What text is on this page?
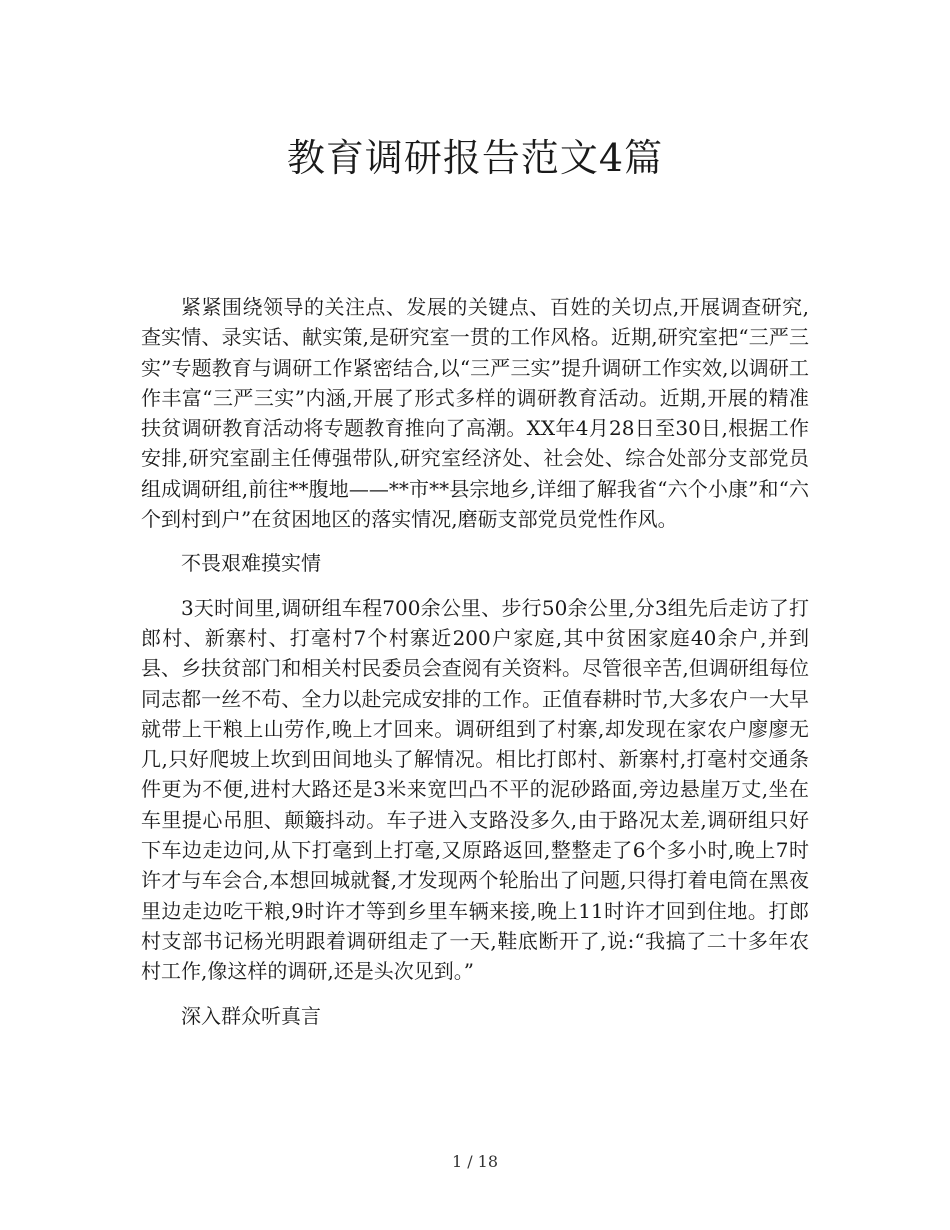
教育调研报告范文4篇

紧紧围绕领导的关注点、发展的关键点、百姓的关切点,开展调查研究,查实情、录实话、献实策,是研究室一贯的工作风格。近期,研究室把“三严三实”专题教育与调研工作紧密结合,以“三严三实”提升调研工作实效,以调研工作丰富“三严三实”内涵,开展了形式多样的调研教育活动。近期,开展的精准扶贫调研教育活动将专题教育推向了高潮。XX年4月28日至30日,根据工作安排,研究室副主任傅强带队,研究室经济处、社会处、综合处部分支部党员组成调研组,前往**腹地——**市**县宗地乡,详细了解我省“六个小康”和“六个到村到户”在贫困地区的落实情况,磨砺支部党员党性作风。

不畏艰难摸实情

3天时间里,调研组车程700余公里、步行50余公里,分3组先后走访了打郎村、新寨村、打毫村7个村寨近200户家庭,其中贫困家庭40余户,并到县、乡扶贫部门和相关村民委员会查阅有关资料。尽管很辛苦,但调研组每位同志都一丝不苟、全力以赴完成安排的工作。正值春耕时节,大多农户一大早就带上干粮上山劳作,晚上才回来。调研组到了村寨,却发现在家农户廖廖无几,只好爬坡上坎到田间地头了解情况。相比打郎村、新寨村,打毫村交通条件更为不便,进村大路还是3米来宽凹凸不平的泥砂路面,旁边悬崖万丈,坐在车里提心吊胆、颠簸抖动。车子进入支路没多久,由于路况太差,调研组只好下车边走边问,从下打毫到上打毫,又原路返回,整整走了6个多小时,晚上7时许才与车会合,本想回城就餐,才发现两个轮胎出了问题,只得打着电筒在黑夜里边走边吃干粮,9时许才等到乡里车辆来接,晚上11时许才回到住地。打郎村支部书记杨光明跟着调研组走了一天,鞋底断开了,说:“我搞了二十多年农村工作,像这样的调研,还是头次见到。”

深入群众听真言

1 / 18
